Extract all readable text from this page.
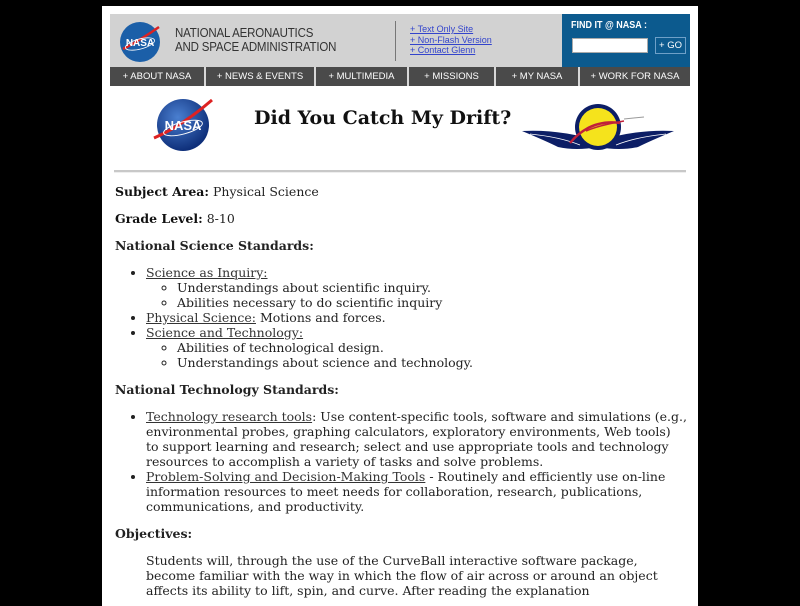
NASA
NATIONAL AERONAUTICS
AND SPACE ADMINISTRATION
+ Text Only Site
+ Non-Flash Version
+ Contact Glenn
FIND IT @ NASA :
+ GO
+ ABOUT NASA	+ NEWS & EVENTS	+ MULTIMEDIA	+ MISSIONS	+ MY NASA	+ WORK FOR NASA
NASA	Did You Catch My Drift?

Subject Area: Physical Science

Grade Level: 8-10

National Science Standards:
• Science as Inquiry:
◦ Understandings about scientific inquiry.
◦ Abilities necessary to do scientific inquiry
• Physical Science: Motions and forces.
• Science and Technology:
◦ Abilities of technological design.
◦ Understandings about science and technology.
National Technology Standards:
• Technology research tools: Use content-specific tools, software and simulations (e.g., environmental probes, graphing calculators, exploratory environments, Web tools) to support learning and research; select and use appropriate tools and technology resources to accomplish a variety of tasks and solve problems.
• Problem-Solving and Decision-Making Tools - Routinely and efficiently use on-line information resources to meet needs for collaboration, research, publications, communications, and productivity.
Objectives:

Students will, through the use of the CurveBall interactive software package, become familiar with the way in which the flow of air across or around an object affects its ability to lift, spin, and curve. After reading the explanation
